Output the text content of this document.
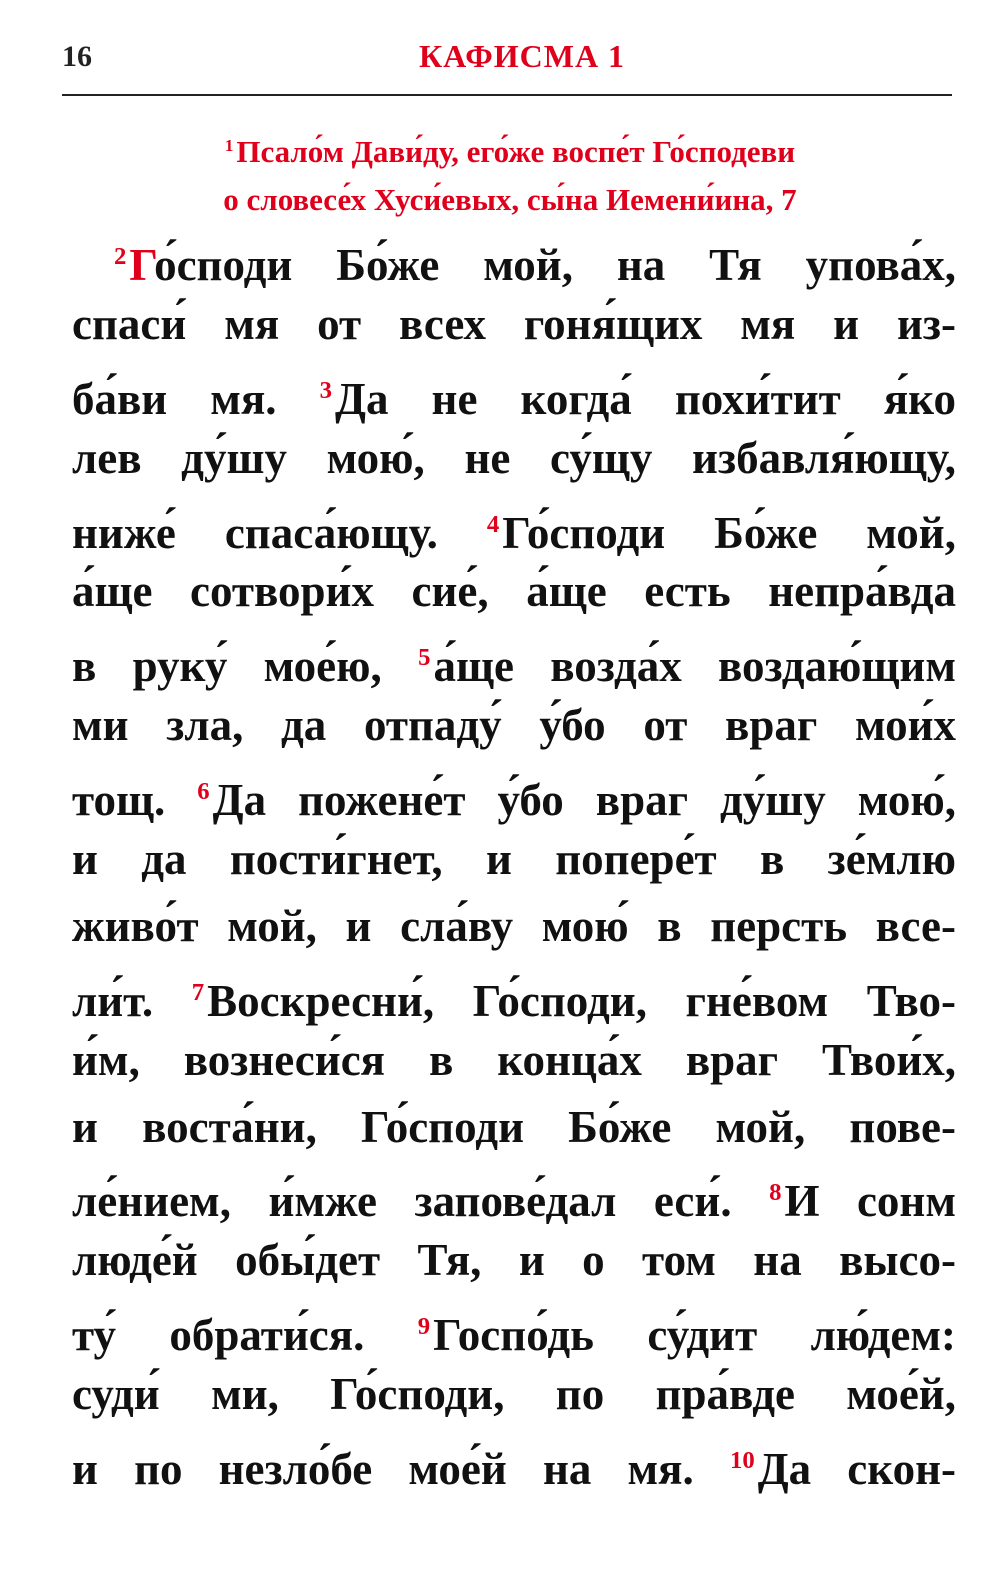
16	КАФИСМА 1
$^1$Псало́м Дави́ду, его́же воспе́т Го́сподеви
о словесе́х Хуси́евых, сы́на Иемени́ина, 7
$^2$Го́споди Бо́же мой, на Тя упова́х,
спаси́ мя от всех гоня́щих мя и из-
ба́ви мя. $^3$Да не когда́ похи́тит я́ко
лев ду́шу мою́, не су́щу избавля́ющу,
ниже́ спаса́ющу. $^4$Го́споди Бо́же мой,
а́ще сотвори́х сие́, а́ще есть непра́вда
в руку́ мое́ю, $^5$а́ще возда́х воздаю́щим
ми зла, да отпаду́ у́бо от враг мои́х
тощ. $^6$Да пожене́т у́бо враг ду́шу мою́,
и да пости́гнет, и попере́т в зе́млю
живо́т мой, и сла́ву мою́ в персть все-
ли́т. $^7$Воскресни́, Го́споди, гне́вом Тво-
и́м, вознеси́ся в конца́х враг Твои́х,
и воста́ни, Го́споди Бо́же мой, пове-
ле́нием, и́мже запове́дал еси́. $^8$И сонм
люде́й обы́дет Тя, и о том на высо-
ту́ обрати́ся. $^9$Госпо́дь су́дит лю́дем:
суди́ ми, Го́споди, по пра́вде мое́й,
и по незло́бе мое́й на мя. $^{10}$Да скон-
